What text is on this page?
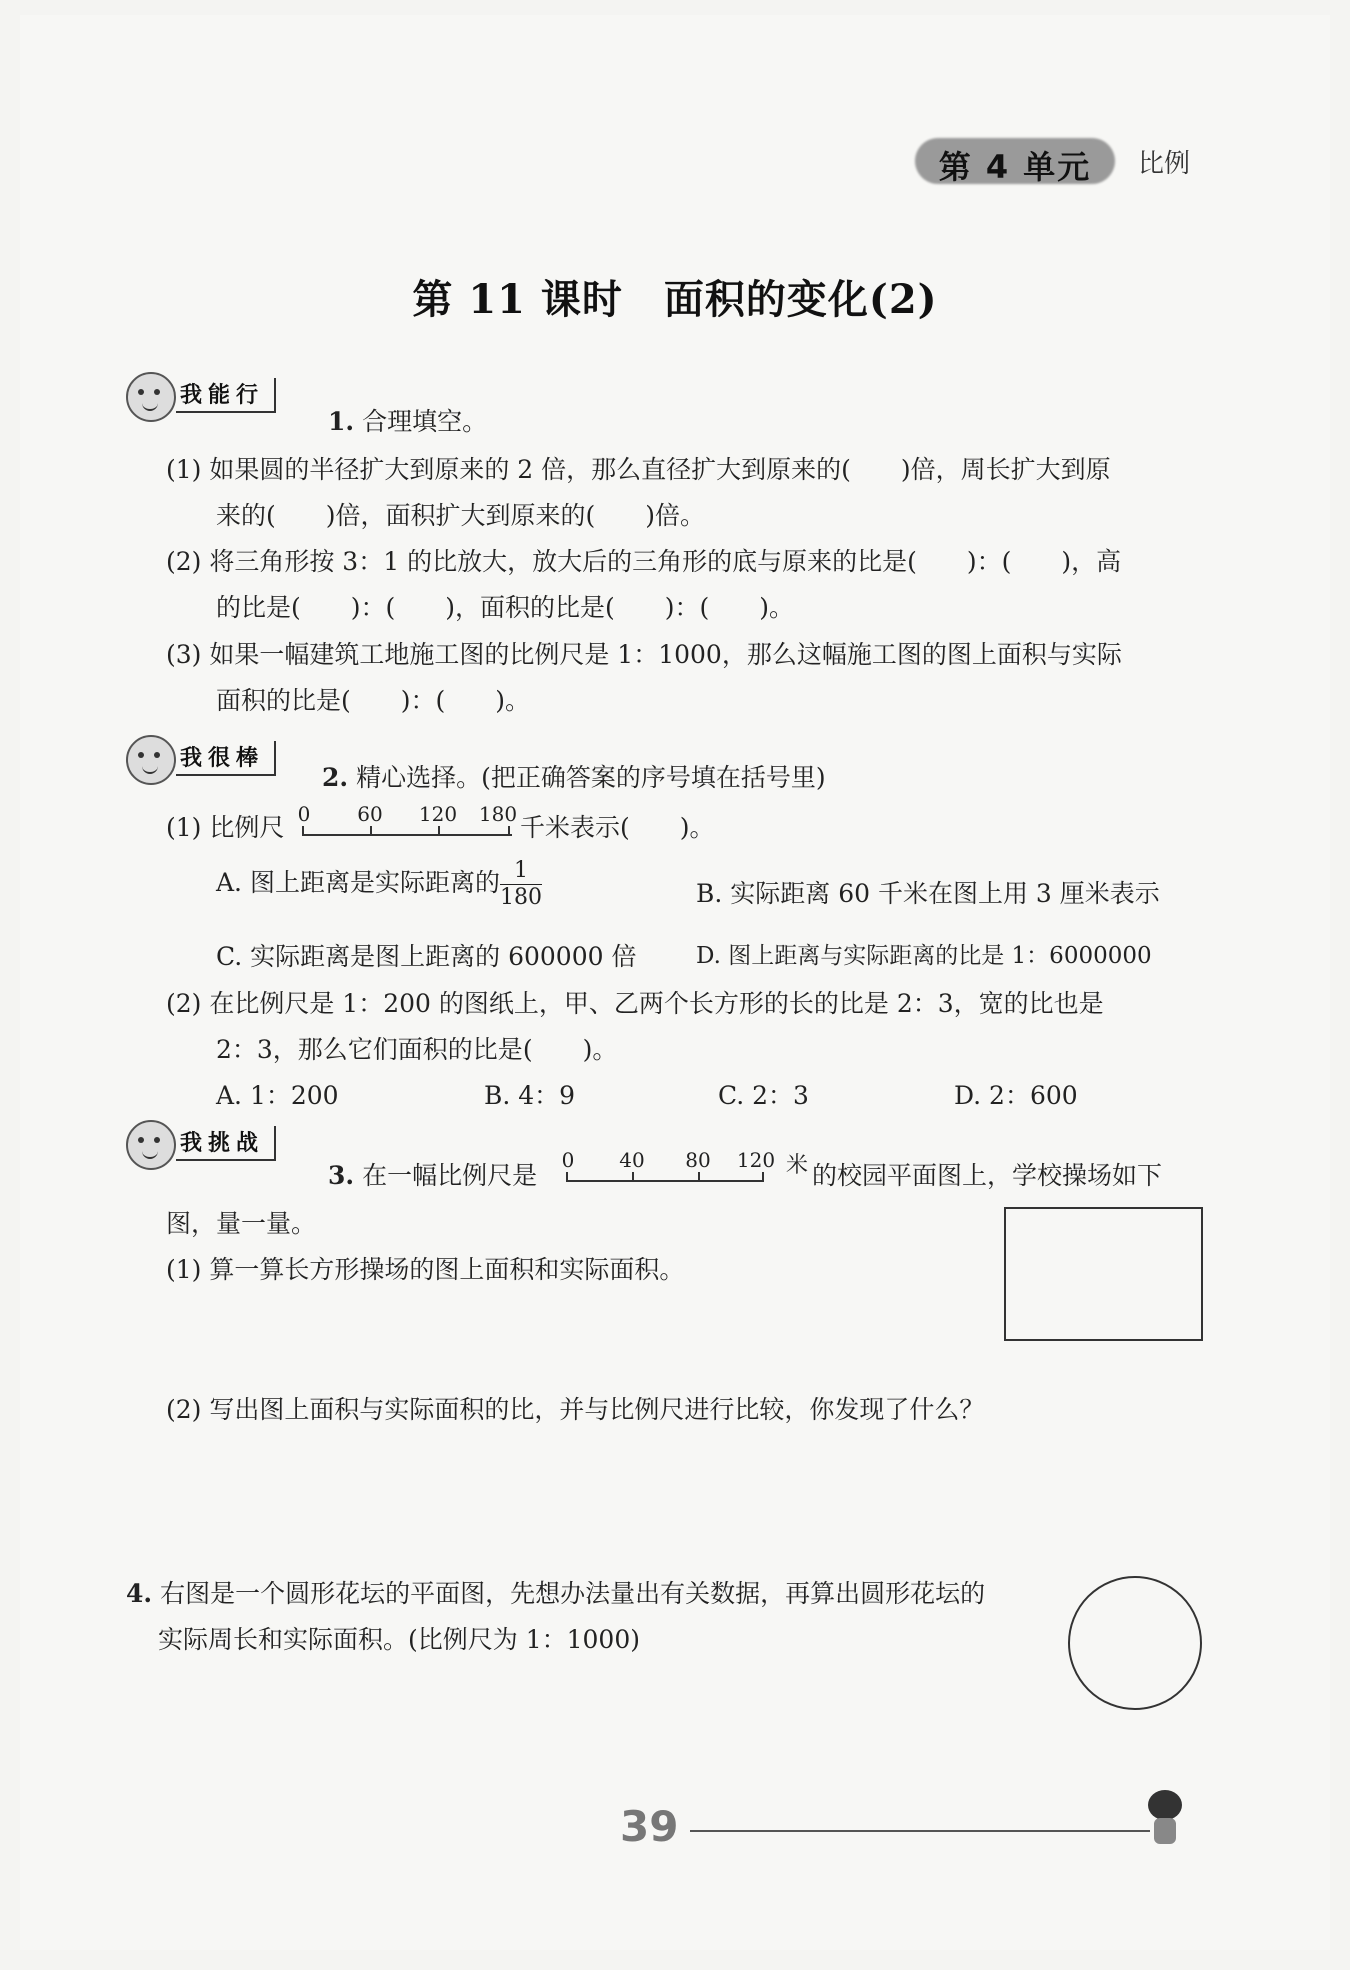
第 4 单元	比例
第 11 课时　面积的变化(2)
我能行
1. 合理填空。
(1) 如果圆的半径扩大到原来的 2 倍，那么直径扩大到原来的(　　)倍，周长扩大到原
来的(　　)倍，面积扩大到原来的(　　)倍。
(2) 将三角形按 3：1 的比放大，放大后的三角形的底与原来的比是(　　)：(　　)，高
的比是(　　)：(　　)，面积的比是(　　)：(　　)。
(3) 如果一幅建筑工地施工图的比例尺是 1：1000，那么这幅施工图的图上面积与实际
面积的比是(　　)：(　　)。
我很棒
2. 精心选择。(把正确答案的序号填在括号里)
(1) 比例尺 0 60 120 180 千米表示(　　)。
A. 图上距离是实际距离的 $\frac{1}{180}$	B. 实际距离 60 千米在图上用 3 厘米表示
C. 实际距离是图上距离的 600000 倍	D. 图上距离与实际距离的比是 1：6000000
(2) 在比例尺是 1：200 的图纸上，甲、乙两个长方形的长的比是 2：3，宽的比也是
2：3，那么它们面积的比是(　　)。
A. 1：200	B. 4：9	C. 2：3	D. 2：600
我挑战
3. 在一幅比例尺是
0 40 80 120 米 的校园平面图上，学校操场如下
图，量一量。
(1) 算一算长方形操场的图上面积和实际面积。
(2) 写出图上面积与实际面积的比，并与比例尺进行比较，你发现了什么？
4. 右图是一个圆形花坛的平面图，先想办法量出有关数据，再算出圆形花坛的
实际周长和实际面积。(比例尺为 1：1000)
39
